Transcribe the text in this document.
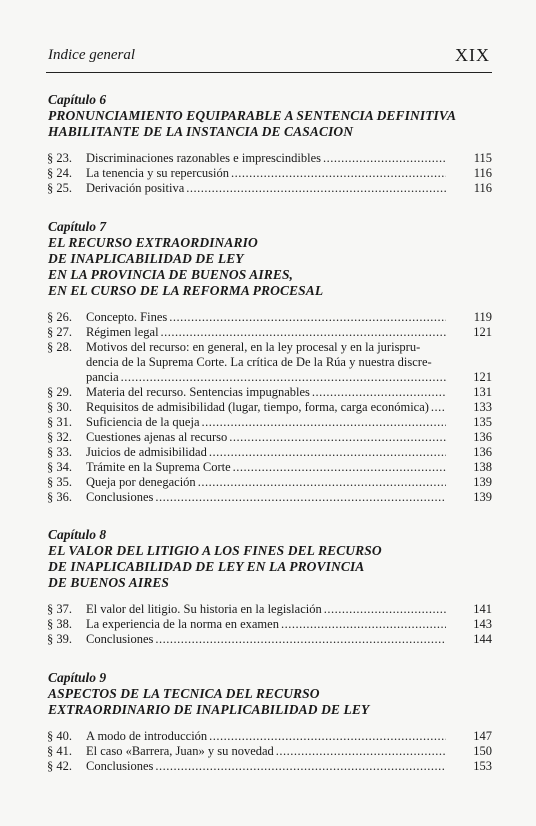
Indice general	XIX
Capítulo 6
PRONUNCIAMIENTO EQUIPARABLE A SENTENCIA DEFINITIVA
HABILITANTE DE LA INSTANCIA DE CASACION
§ 23. Discriminaciones razonables e imprescindibles .....	115
§ 24. La tenencia y su repercusión .....	116
§ 25. Derivación positiva .....	116
Capítulo 7
EL RECURSO EXTRAORDINARIO
DE INAPLICABILIDAD DE LEY
EN LA PROVINCIA DE BUENOS AIRES,
EN EL CURSO DE LA REFORMA PROCESAL
§ 26. Concepto. Fines .....	119
§ 27. Régimen legal .....	121
§ 28. Motivos del recurso: en general, en la ley procesal y en la jurispru-
dencia de la Suprema Corte. La crítica de De la Rúa y nuestra discre-
pancia .....	121
§ 29. Materia del recurso. Sentencias impugnables .....	131
§ 30. Requisitos de admisibilidad (lugar, tiempo, forma, carga económica) .....	133
§ 31. Suficiencia de la queja .....	135
§ 32. Cuestiones ajenas al recurso .....	136
§ 33. Juicios de admisibilidad .....	136
§ 34. Trámite en la Suprema Corte .....	138
§ 35. Queja por denegación .....	139
§ 36. Conclusiones .....	139
Capítulo 8
EL VALOR DEL LITIGIO A LOS FINES DEL RECURSO
DE INAPLICABILIDAD DE LEY EN LA PROVINCIA
DE BUENOS AIRES
§ 37. El valor del litigio. Su historia en la legislación .....	141
§ 38. La experiencia de la norma en examen .....	143
§ 39. Conclusiones .....	144
Capítulo 9
ASPECTOS DE LA TECNICA DEL RECURSO
EXTRAORDINARIO DE INAPLICABILIDAD DE LEY
§ 40. A modo de introducción .....	147
§ 41. El caso «Barrera, Juan» y su novedad .....	150
§ 42. Conclusiones .....	153
